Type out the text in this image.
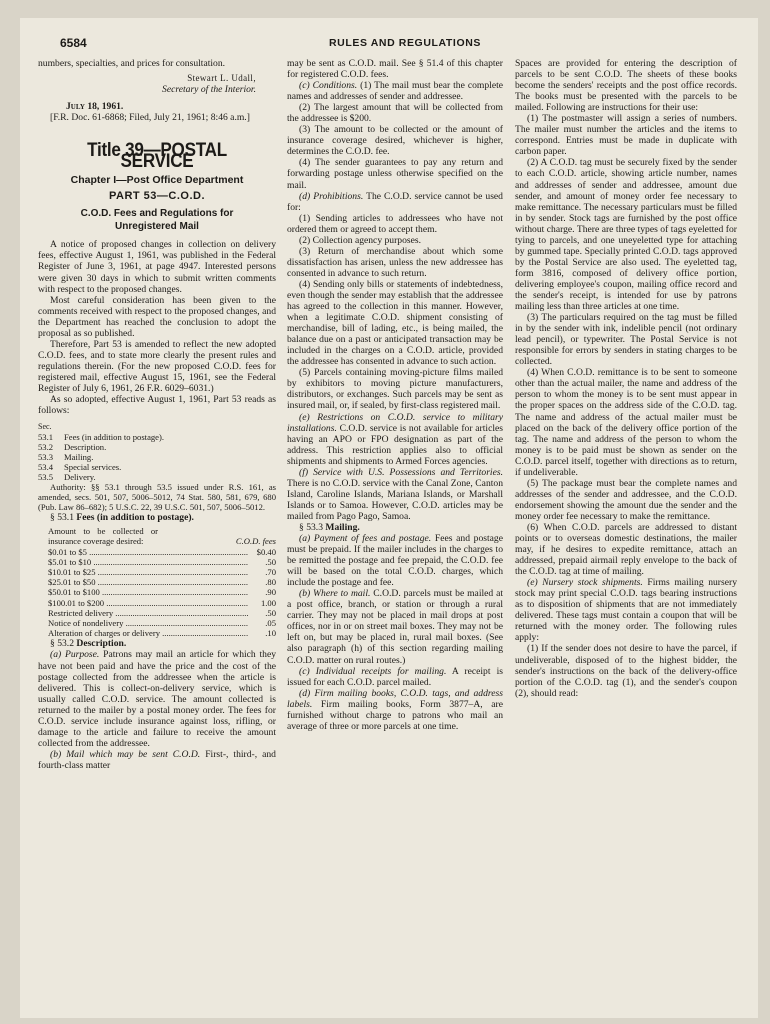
6584	RULES AND REGULATIONS

numbers, specialties, and prices for consultation.

Stewart L. Udall,
Secretary of the Interior.
July 18, 1961.

[F.R. Doc. 61-6868; Filed, July 21, 1961; 8:46 a.m.]

Title 39—POSTAL SERVICE
Chapter I—Post Office Department
PART 53—C.O.D.
C.O.D. Fees and Regulations for
Unregistered Mail

A notice of proposed changes in collection on delivery fees, effective August 1, 1961, was published in the Federal Register of June 3, 1961, at page 4947. Interested persons were given 30 days in which to submit written comments with respect to the proposed changes.

Most careful consideration has been given to the comments received with respect to the proposed changes, and the Department has reached the conclusion to adopt the proposal as so published.

Therefore, Part 53 is amended to reflect the new adopted C.O.D. fees, and to state more clearly the present rules and regulations therein. (For the new proposed C.O.D. fees for registered mail, effective August 15, 1961, see the Federal Register of July 6, 1961, 26 F.R. 6029–6031.)

As so adopted, effective August 1, 1961, Part 53 reads as follows:

Sec.
53.1	Fees (in addition to postage).
53.2	Description.
53.3	Mailing.
53.4	Special services.
53.5	Delivery.

Authority: §§ 53.1 through 53.5 issued under R.S. 161, as amended, secs. 501, 507, 5006–5012, 74 Stat. 580, 581, 679, 680 (Pub. Law 86–682); 5 U.S.C. 22, 39 U.S.C. 501, 507, 5006–5012.

§ 53.1 Fees (in addition to postage).

Amount to be collected or insurance coverage desired:	C.O.D. fees
$0.01 to $5 .....	$0.40
$5.01 to $10 .....	.50
$10.01 to $25 .....	.70
$25.01 to $50 .....	.80
$50.01 to $100 .....	.90
$100.01 to $200 .....	1.00
Restricted delivery .....	.50
Notice of nondelivery .....	.05
Alteration of charges or delivery .....	.10

§ 53.2 Description.

(a) Purpose. Patrons may mail an article for which they have not been paid and have the price and the cost of the postage collected from the addressee when the article is delivered. This is collect-on-delivery service, which is usually called C.O.D. service. The amount collected is returned to the mailer by a postal money order. The fees for C.O.D. service include insurance against loss, rifling, or damage to the article and failure to receive the amount collected from the addressee.

(b) Mail which may be sent C.O.D. First-, third-, and fourth-class matter

may be sent as C.O.D. mail. See § 51.4 of this chapter for registered C.O.D. fees.

(c) Conditions. (1) The mail must bear the complete names and addresses of sender and addressee.

(2) The largest amount that will be collected from the addressee is $200.

(3) The amount to be collected or the amount of insurance coverage desired, whichever is higher, determines the C.O.D. fee.

(4) The sender guarantees to pay any return and forwarding postage unless otherwise specified on the mail.

(d) Prohibitions. The C.O.D. service cannot be used for:

(1) Sending articles to addressees who have not ordered them or agreed to accept them.

(2) Collection agency purposes.

(3) Return of merchandise about which some dissatisfaction has arisen, unless the new addressee has consented in advance to such return.

(4) Sending only bills or statements of indebtedness, even though the sender may establish that the addressee has agreed to the collection in this manner. However, when a legitimate C.O.D. shipment consisting of merchandise, bill of lading, etc., is being mailed, the balance due on a past or anticipated transaction may be included in the charges on a C.O.D. article, provided the addressee has consented in advance to such action.

(5) Parcels containing moving-picture films mailed by exhibitors to moving picture manufacturers, distributors, or exchanges. Such parcels may be sent as insured mail, or, if sealed, by first-class registered mail.

(e) Restrictions on C.O.D. service to military installations. C.O.D. service is not available for articles having an APO or FPO designation as part of the address. This restriction applies also to official shipments and shipments to Armed Forces agencies.

(f) Service with U.S. Possessions and Territories. There is no C.O.D. service with the Canal Zone, Canton Island, Caroline Islands, Mariana Islands, or Marshall Islands or to Samoa. However, C.O.D. articles may be mailed from Pago Pago, Samoa.

§ 53.3 Mailing.

(a) Payment of fees and postage. Fees and postage must be prepaid. If the mailer includes in the charges to be remitted the postage and fee prepaid, the C.O.D. fee will be based on the total C.O.D. charges, which include the postage and fee.

(b) Where to mail. C.O.D. parcels must be mailed at a post office, branch, or station or through a rural carrier. They may not be placed in mail drops at post offices, nor in or on street mail boxes. They may not be left on, but may be placed in, rural mail boxes. (See also paragraph (h) of this section regarding mailing C.O.D. matter on rural routes.)

(c) Individual receipts for mailing. A receipt is issued for each C.O.D. parcel mailed.

(d) Firm mailing books, C.O.D. tags, and address labels. Firm mailing books, Form 3877–A, are furnished without charge to patrons who mail an average of three or more parcels at one time.

Spaces are provided for entering the description of parcels to be sent C.O.D. The sheets of these books become the senders' receipts and the post office records. The books must be presented with the parcels to be mailed. Following are instructions for their use:

(1) The postmaster will assign a series of numbers. The mailer must number the articles and the items to correspond. Entries must be made in duplicate with carbon paper.

(2) A C.O.D. tag must be securely fixed by the sender to each C.O.D. article, showing article number, names and addresses of sender and addressee, amount due sender, and amount of money order fee necessary to make remittance. The necessary particulars must be filled in by sender. Stock tags are furnished by the post office without charge. There are three types of tags eyeletted for tying to parcels, and one uneyeletted type for attaching by gummed tape. Specially printed C.O.D. tags approved by the Postal Service are also used. The eyeletted tag, form 3816, composed of delivery office portion, delivering employee's coupon, mailing office record and the sender's receipt, is intended for use by patrons mailing less than three articles at one time.

(3) The particulars required on the tag must be filled in by the sender with ink, indelible pencil (not ordinary lead pencil), or typewriter. The Postal Service is not responsible for errors by senders in stating charges to be collected.

(4) When C.O.D. remittance is to be sent to someone other than the actual mailer, the name and address of the person to whom the money is to be sent must appear in the proper spaces on the address side of the C.O.D. tag. The name and address of the actual mailer must be placed on the back of the delivery office portion of the tag. The name and address of the person to whom the money is to be paid must be shown as sender on the C.O.D. parcel itself, together with directions as to return, if undeliverable.

(5) The package must bear the complete names and addresses of the sender and addressee, and the C.O.D. endorsement showing the amount due the sender and the money order fee necessary to make the remittance.

(6) When C.O.D. parcels are addressed to distant points or to overseas domestic destinations, the mailer may, if he desires to expedite remittance, attach an addressed, prepaid airmail reply envelope to the back of the C.O.D. tag at time of mailing.

(e) Nursery stock shipments. Firms mailing nursery stock may print special C.O.D. tags bearing instructions as to disposition of shipments that are not immediately delivered. These tags must contain a coupon that will be returned with the money order. The following rules apply:

(1) If the sender does not desire to have the parcel, if undeliverable, disposed of to the highest bidder, the sender's instructions on the back of the delivery-office portion of the C.O.D. tag (1), and the sender's coupon (2), should read:
